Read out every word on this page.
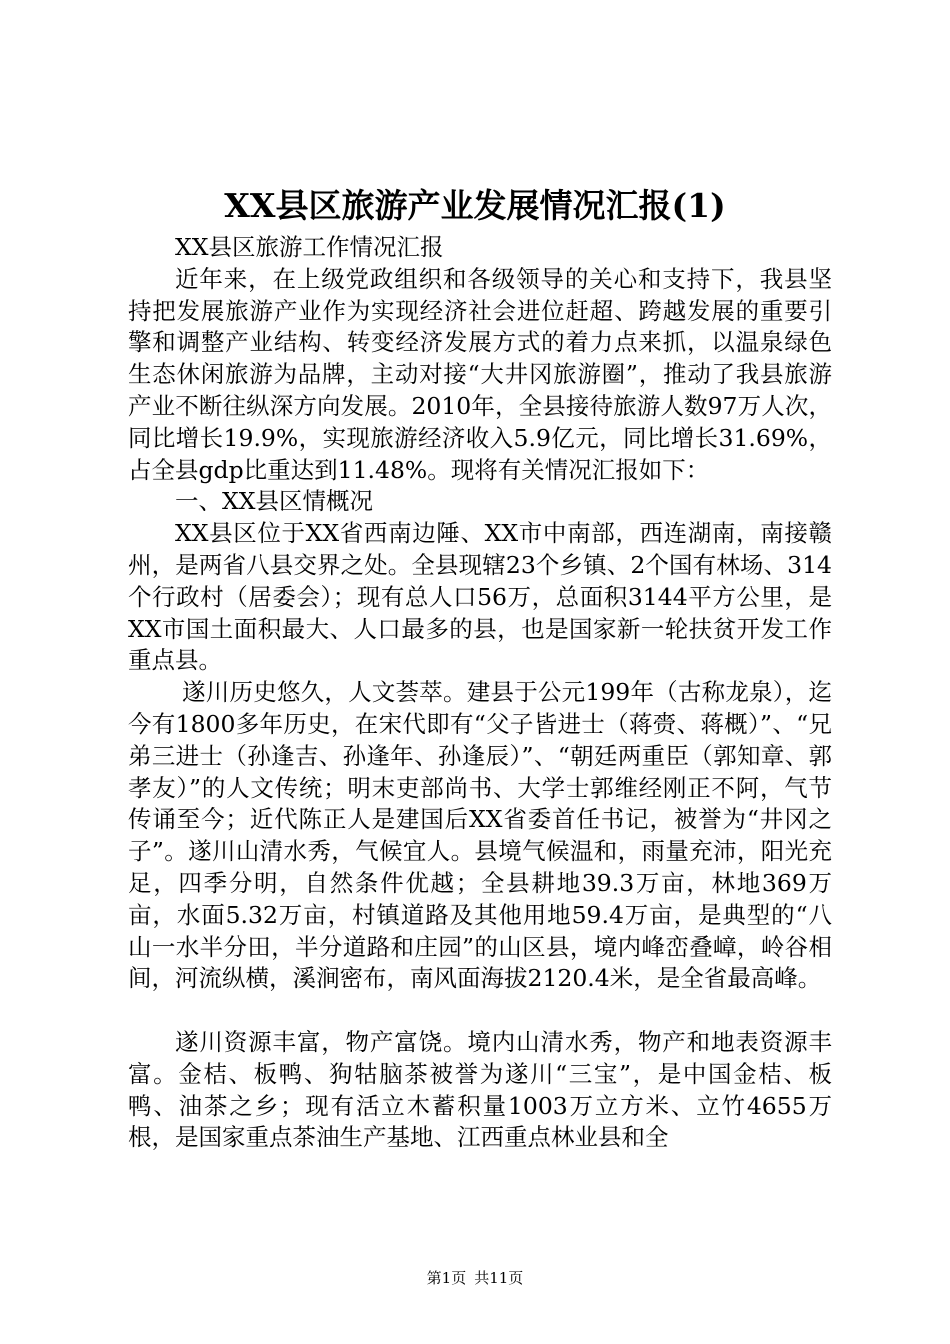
XX县区旅游产业发展情况汇报(1)

XX县区旅游工作情况汇报

近年来，在上级党政组织和各级领导的关心和支持下，我县坚持把发展旅游产业作为实现经济社会进位赶超、跨越发展的重要引擎和调整产业结构、转变经济发展方式的着力点来抓，以温泉绿色生态休闲旅游为品牌，主动对接“大井冈旅游圈”，推动了我县旅游产业不断往纵深方向发展。2010年，全县接待旅游人数97万人次，同比增长19.9%，实现旅游经济收入5.9亿元，同比增长31.69%，占全县gdp比重达到11.48%。现将有关情况汇报如下：

一、XX县区情概况

XX县区位于XX省西南边陲、XX市中南部，西连湖南，南接赣州，是两省八县交界之处。全县现辖23个乡镇、2个国有林场、314个行政村（居委会）；现有总人口56万，总面积3144平方公里，是XX市国土面积最大、人口最多的县，也是国家新一轮扶贫开发工作重点县。

遂川历史悠久，人文荟萃。建县于公元199年（古称龙泉），迄今有1800多年历史，在宋代即有“父子皆进士（蒋赍、蒋概）”、“兄弟三进士（孙逢吉、孙逢年、孙逢辰）”、“朝廷两重臣（郭知章、郭孝友）”的人文传统；明末吏部尚书、大学士郭维经刚正不阿，气节传诵至今；近代陈正人是建国后XX省委首任书记，被誉为“井冈之子”。遂川山清水秀，气候宜人。县境气候温和，雨量充沛，阳光充足，四季分明，自然条件优越；全县耕地39.3万亩，林地369万亩，水面5.32万亩，村镇道路及其他用地59.4万亩，是典型的“八山一水半分田，半分道路和庄园”的山区县，境内峰峦叠嶂，岭谷相间，河流纵横，溪涧密布，南风面海拔2120.4米，是全省最高峰。

遂川资源丰富，物产富饶。境内山清水秀，物产和地表资源丰富。金桔、板鸭、狗牯脑茶被誉为遂川“三宝”，是中国金桔、板鸭、油茶之乡；现有活立木蓄积量1003万立方米、立竹4655万根，是国家重点茶油生产基地、江西重点林业县和全

第1页 共11页
